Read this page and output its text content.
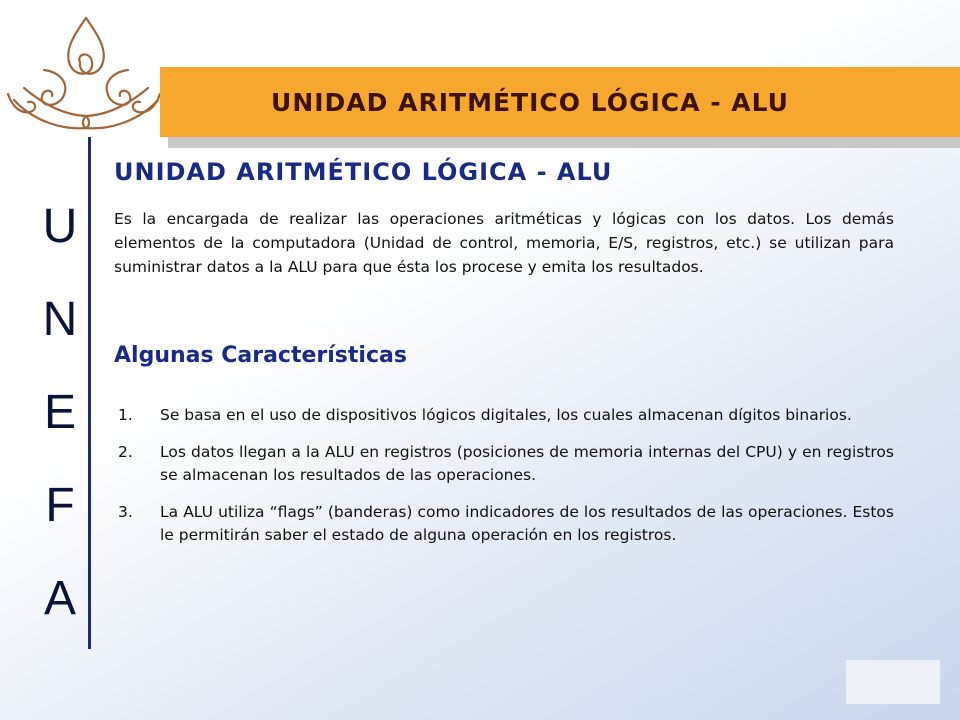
UNIDAD ARITMÉTICO LÓGICA - ALU
U
N
E
F
A
UNIDAD ARITMÉTICO LÓGICA - ALU
Es la encargada de realizar las operaciones aritméticas y lógicas con los datos. Los demás elementos de la computadora (Unidad de control, memoria, E/S, registros, etc.) se utilizan para suministrar datos a la ALU para que ésta los procese y emita los resultados.
Algunas Características
1.	Se basa en el uso de dispositivos lógicos digitales, los cuales almacenan dígitos binarios.
2.	Los datos llegan a la ALU en registros (posiciones de memoria internas del CPU) y en registros se almacenan los resultados de las operaciones.
3.	La ALU utiliza “flags” (banderas) como indicadores de los resultados de las operaciones. Estos le permitirán saber el estado de alguna operación en los registros.
